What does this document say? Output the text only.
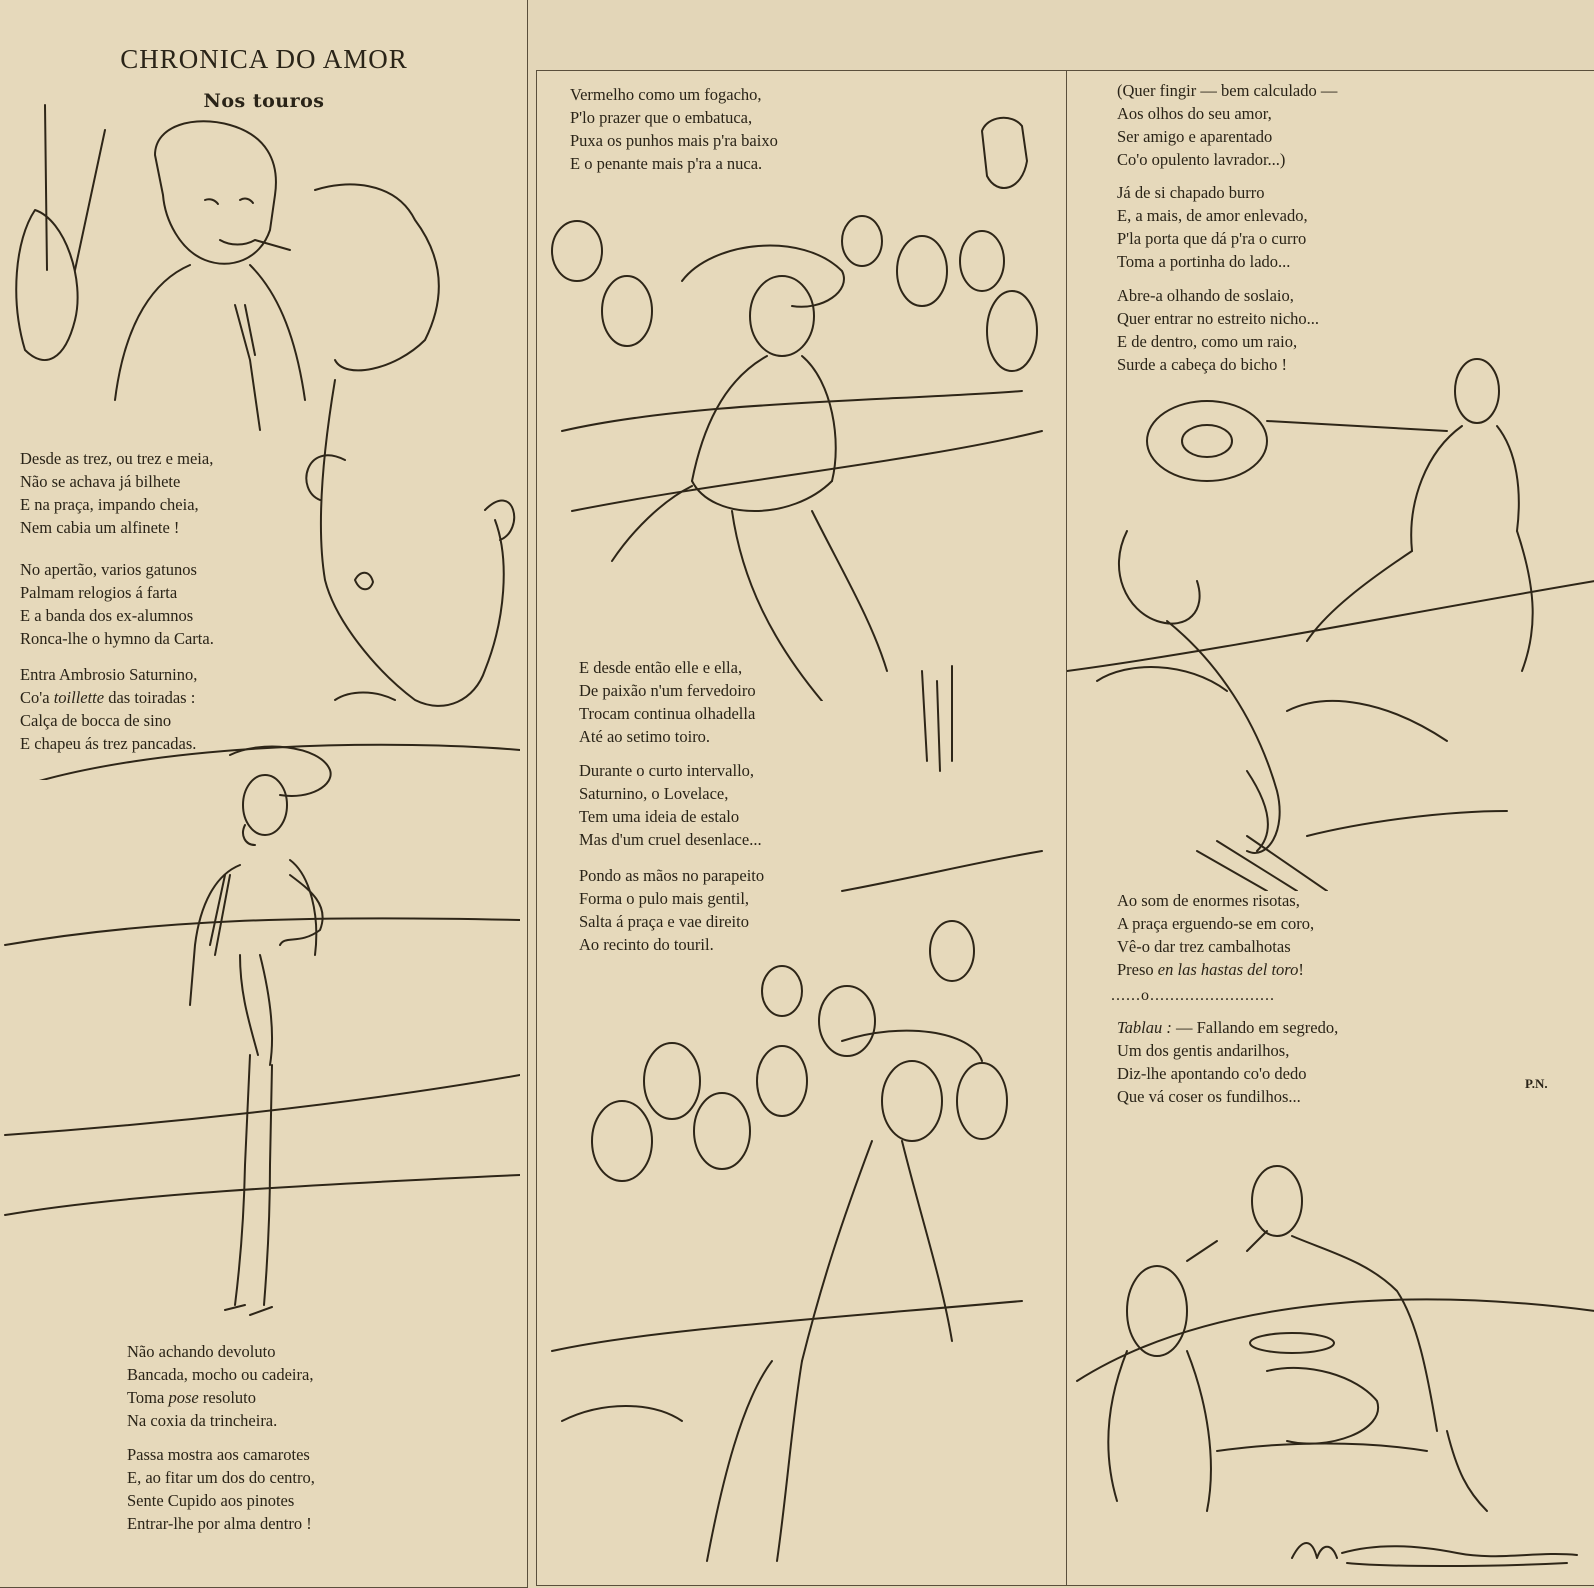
CHRONICA DO AMOR
Nos touros
Desde as trez, ou trez e meia,
Não se achava já bilhete
E na praça, impando cheia,
Nem cabia um alfinete !
No apertão, varios gatunos
Palmam relogios á farta
E a banda dos ex-alumnos
Ronca-lhe o hymno da Carta.
Entra Ambrosio Saturnino,
Co'a toillette das toiradas :
Calça de bocca de sino
E chapeu ás trez pancadas.
Não achando devoluto
Bancada, mocho ou cadeira,
Toma pose resoluto
Na coxia da trincheira.
Passa mostra aos camarotes
E, ao fitar um dos do centro,
Sente Cupido aos pinotes
Entrar-lhe por alma dentro !
Vermelho como um fogacho,
P'lo prazer que o embatuca,
Puxa os punhos mais p'ra baixo
E o penante mais p'ra a nuca.
E desde então elle e ella,
De paixão n'um fervedoiro
Trocam continua olhadella
Até ao setimo toiro.
Durante o curto intervallo,
Saturnino, o Lovelace,
Tem uma ideia de estalo
Mas d'um cruel desenlace...
Pondo as mãos no parapeito
Forma o pulo mais gentil,
Salta á praça e vae direito
Ao recinto do touril.
(Quer fingir — bem calculado —
Aos olhos do seu amor,
Ser amigo e aparentado
Co'o opulento lavrador...)
Já de si chapado burro
E, a mais, de amor enlevado,
P'la porta que dá p'ra o curro
Toma a portinha do lado...
Abre-a olhando de soslaio,
Quer entrar no estreito nicho...
E de dentro, como um raio,
Surde a cabeça do bicho !
Ao som de enormes risotas,
A praça erguendo-se em coro,
Vê-o dar trez cambalhotas
Preso en las hastas del toro!
......o.........................
Tablau : — Fallando em segredo,
Um dos gentis andarilhos,
Diz-lhe apontando co'o dedo
Que vá coser os fundilhos...
P.N.
